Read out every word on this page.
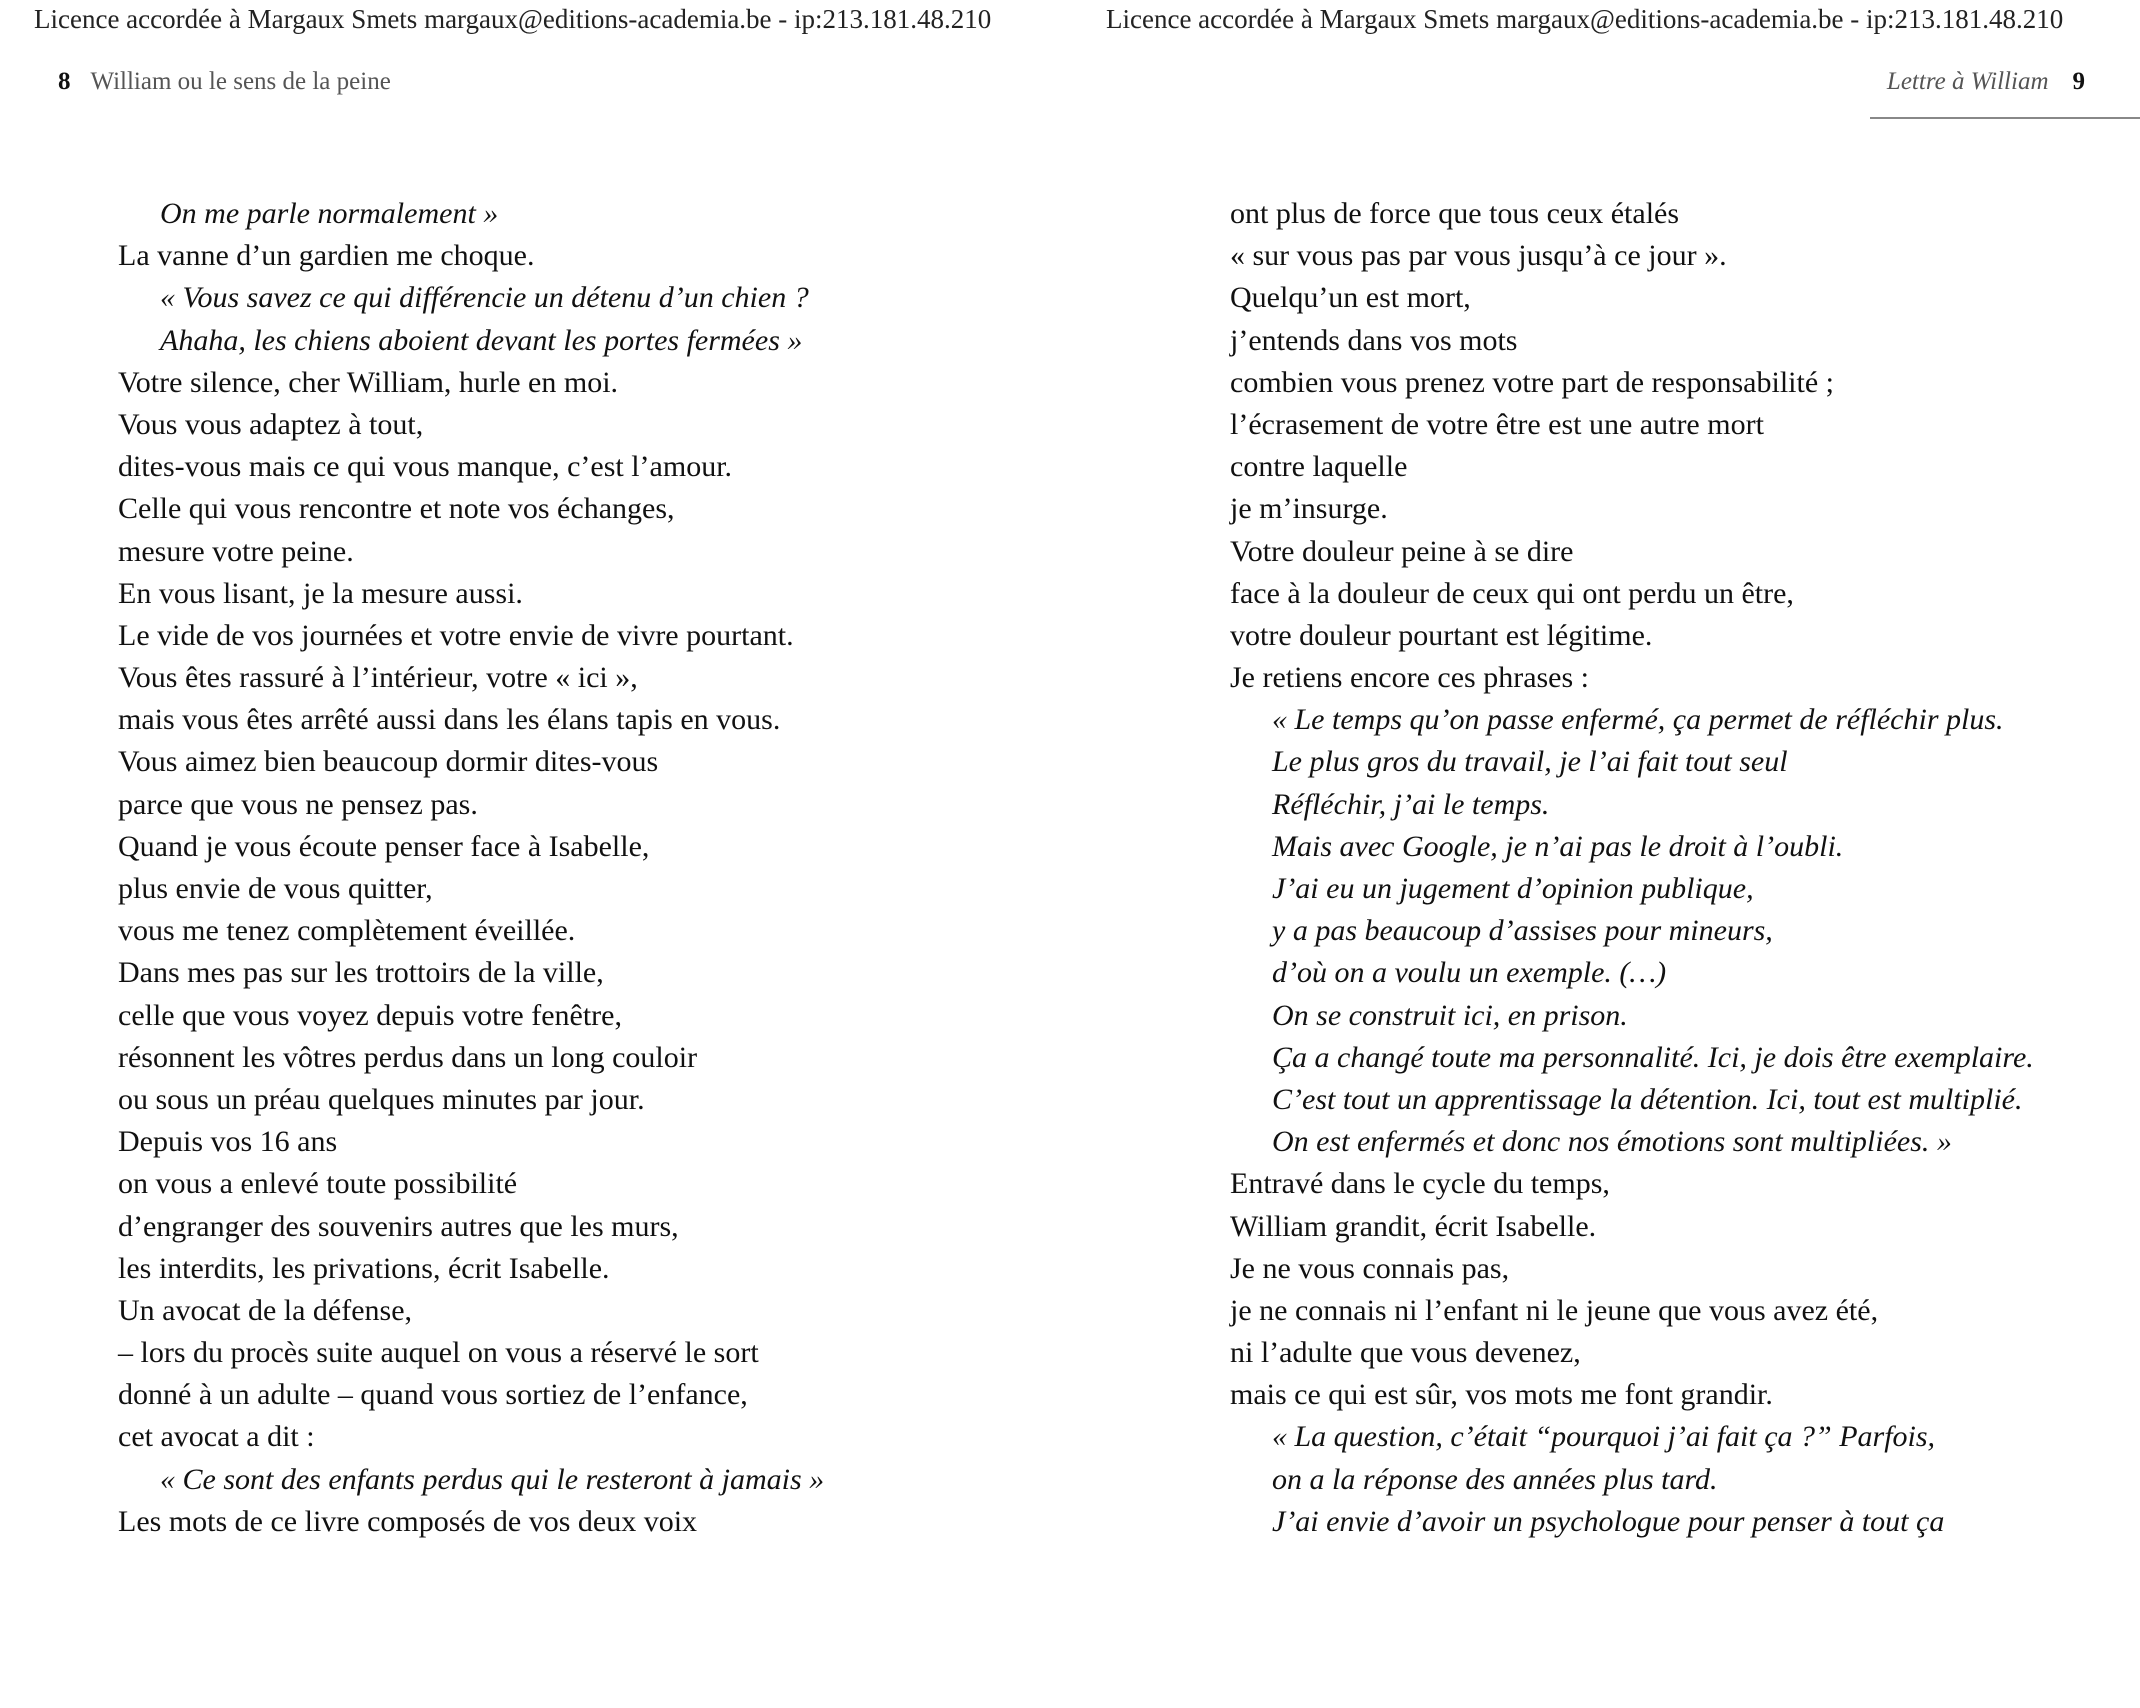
Licence accordée à Margaux Smets margaux@editions-academia.be - ip:213.181.48.210
8 William ou le sens de la peine
On me parle normalement »
La vanne d’un gardien me choque.
« Vous savez ce qui différencie un détenu d’un chien ?
Ahaha, les chiens aboient devant les portes fermées »
Votre silence, cher William, hurle en moi.
Vous vous adaptez à tout,
dites-vous mais ce qui vous manque, c’est l’amour.
Celle qui vous rencontre et note vos échanges,
mesure votre peine.
En vous lisant, je la mesure aussi.
Le vide de vos journées et votre envie de vivre pourtant.
Vous êtes rassuré à l’intérieur, votre « ici »,
mais vous êtes arrêté aussi dans les élans tapis en vous.
Vous aimez bien beaucoup dormir dites-vous
parce que vous ne pensez pas.
Quand je vous écoute penser face à Isabelle,
plus envie de vous quitter,
vous me tenez complètement éveillée.
Dans mes pas sur les trottoirs de la ville,
celle que vous voyez depuis votre fenêtre,
résonnent les vôtres perdus dans un long couloir
ou sous un préau quelques minutes par jour.
Depuis vos 16 ans
on vous a enlevé toute possibilité
d’engranger des souvenirs autres que les murs,
les interdits, les privations, écrit Isabelle.
Un avocat de la défense,
– lors du procès suite auquel on vous a réservé le sort
donné à un adulte – quand vous sortiez de l’enfance,
cet avocat a dit :
« Ce sont des enfants perdus qui le resteront à jamais »
Les mots de ce livre composés de vos deux voix
Licence accordée à Margaux Smets margaux@editions-academia.be - ip:213.181.48.210
Lettre à William 9
ont plus de force que tous ceux étalés
« sur vous pas par vous jusqu’à ce jour ».
Quelqu’un est mort,
j’entends dans vos mots
combien vous prenez votre part de responsabilité ;
l’écrasement de votre être est une autre mort
contre laquelle
je m’insurge.
Votre douleur peine à se dire
face à la douleur de ceux qui ont perdu un être,
votre douleur pourtant est légitime.
Je retiens encore ces phrases :
« Le temps qu’on passe enfermé, ça permet de réfléchir plus.
Le plus gros du travail, je l’ai fait tout seul
Réfléchir, j’ai le temps.
Mais avec Google, je n’ai pas le droit à l’oubli.
J’ai eu un jugement d’opinion publique,
y a pas beaucoup d’assises pour mineurs,
d’où on a voulu un exemple. (…)
On se construit ici, en prison.
Ça a changé toute ma personnalité. Ici, je dois être exemplaire.
C’est tout un apprentissage la détention. Ici, tout est multiplié.
On est enfermés et donc nos émotions sont multipliées. »
Entravé dans le cycle du temps,
William grandit, écrit Isabelle.
Je ne vous connais pas,
je ne connais ni l’enfant ni le jeune que vous avez été,
ni l’adulte que vous devenez,
mais ce qui est sûr, vos mots me font grandir.
« La question, c’était “pourquoi j’ai fait ça ?” Parfois,
on a la réponse des années plus tard.
J’ai envie d’avoir un psychologue pour penser à tout ça
